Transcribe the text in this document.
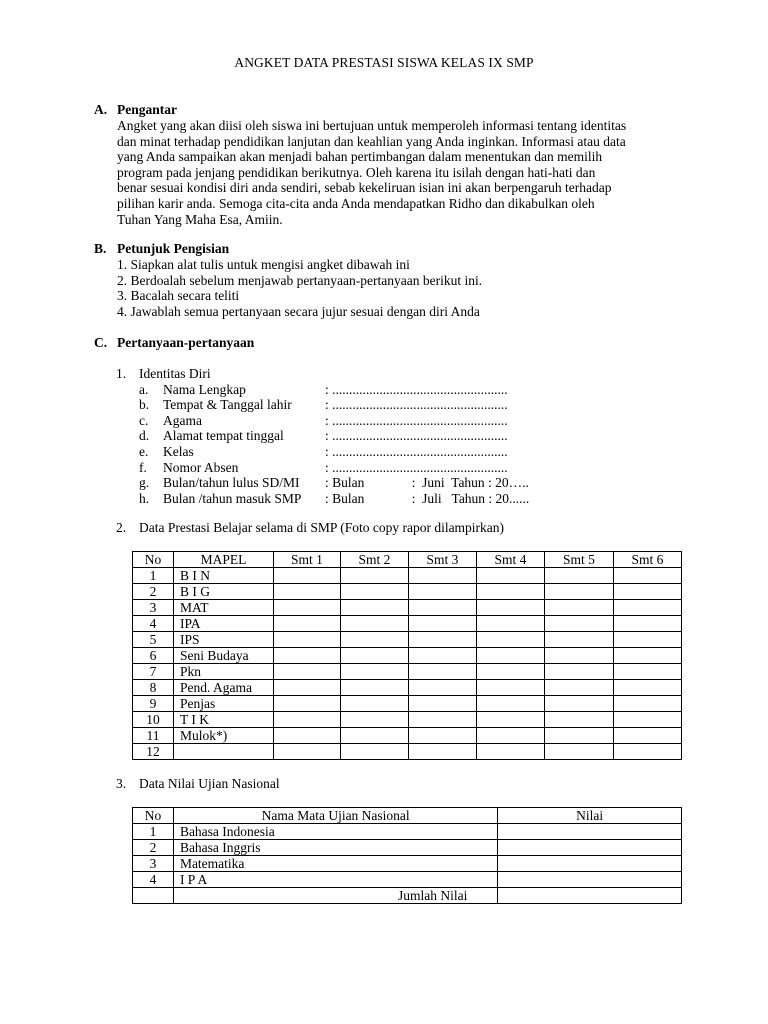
ANGKET DATA PRESTASI SISWA KELAS IX SMP
A. Pengantar
Angket yang akan diisi oleh siswa ini bertujuan untuk memperoleh informasi tentang identitas
dan minat terhadap pendidikan lanjutan dan keahlian yang Anda inginkan. Informasi atau data
yang Anda sampaikan akan menjadi bahan pertimbangan dalam menentukan dan memilih
program pada jenjang pendidikan berikutnya. Oleh karena itu isilah dengan hati-hati dan
benar sesuai kondisi diri anda sendiri, sebab kekeliruan isian ini akan berpengaruh terhadap
pilihan karir anda. Semoga cita-cita anda Anda mendapatkan Ridho dan dikabulkan oleh
Tuhan Yang Maha Esa, Amiin.
B. Petunjuk Pengisian
1. Siapkan alat tulis untuk mengisi angket dibawah ini
2. Berdoalah sebelum menjawab pertanyaan-pertanyaan berikut ini.
3. Bacalah secara teliti
4. Jawablah semua pertanyaan secara jujur sesuai dengan diri Anda
C. Pertanyaan-pertanyaan
1. Identitas Diri
a. Nama Lengkap	: ....................................................
b. Tempat & Tanggal lahir : ....................................................
c. Agama	: ....................................................
d. Alamat tempat tinggal	: ....................................................
e. Kelas	: ....................................................
f. Nomor Absen	: ....................................................
g. Bulan/tahun lulus SD/MI : Bulan              :  Juni  Tahun : 20…..
h. Bulan /tahun masuk SMP : Bulan              :  Juli   Tahun : 20......
2. Data Prestasi Belajar selama di SMP (Foto copy rapor dilampirkan)
No	MAPEL	Smt 1	Smt 2	Smt 3	Smt 4	Smt 5	Smt 6
1	B I N						
2	B I G						
3	MAT						
4	IPA						
5	IPS						
6	Seni Budaya						
7	Pkn						
8	Pend. Agama						
9	Penjas						
10	T I K						
11	Mulok*)						
12							
3. Data Nilai Ujian Nasional
No	Nama Mata Ujian Nasional	Nilai
1	Bahasa Indonesia	
2	Bahasa Inggris	
3	Matematika	
4	I P A	
	Jumlah Nilai	
